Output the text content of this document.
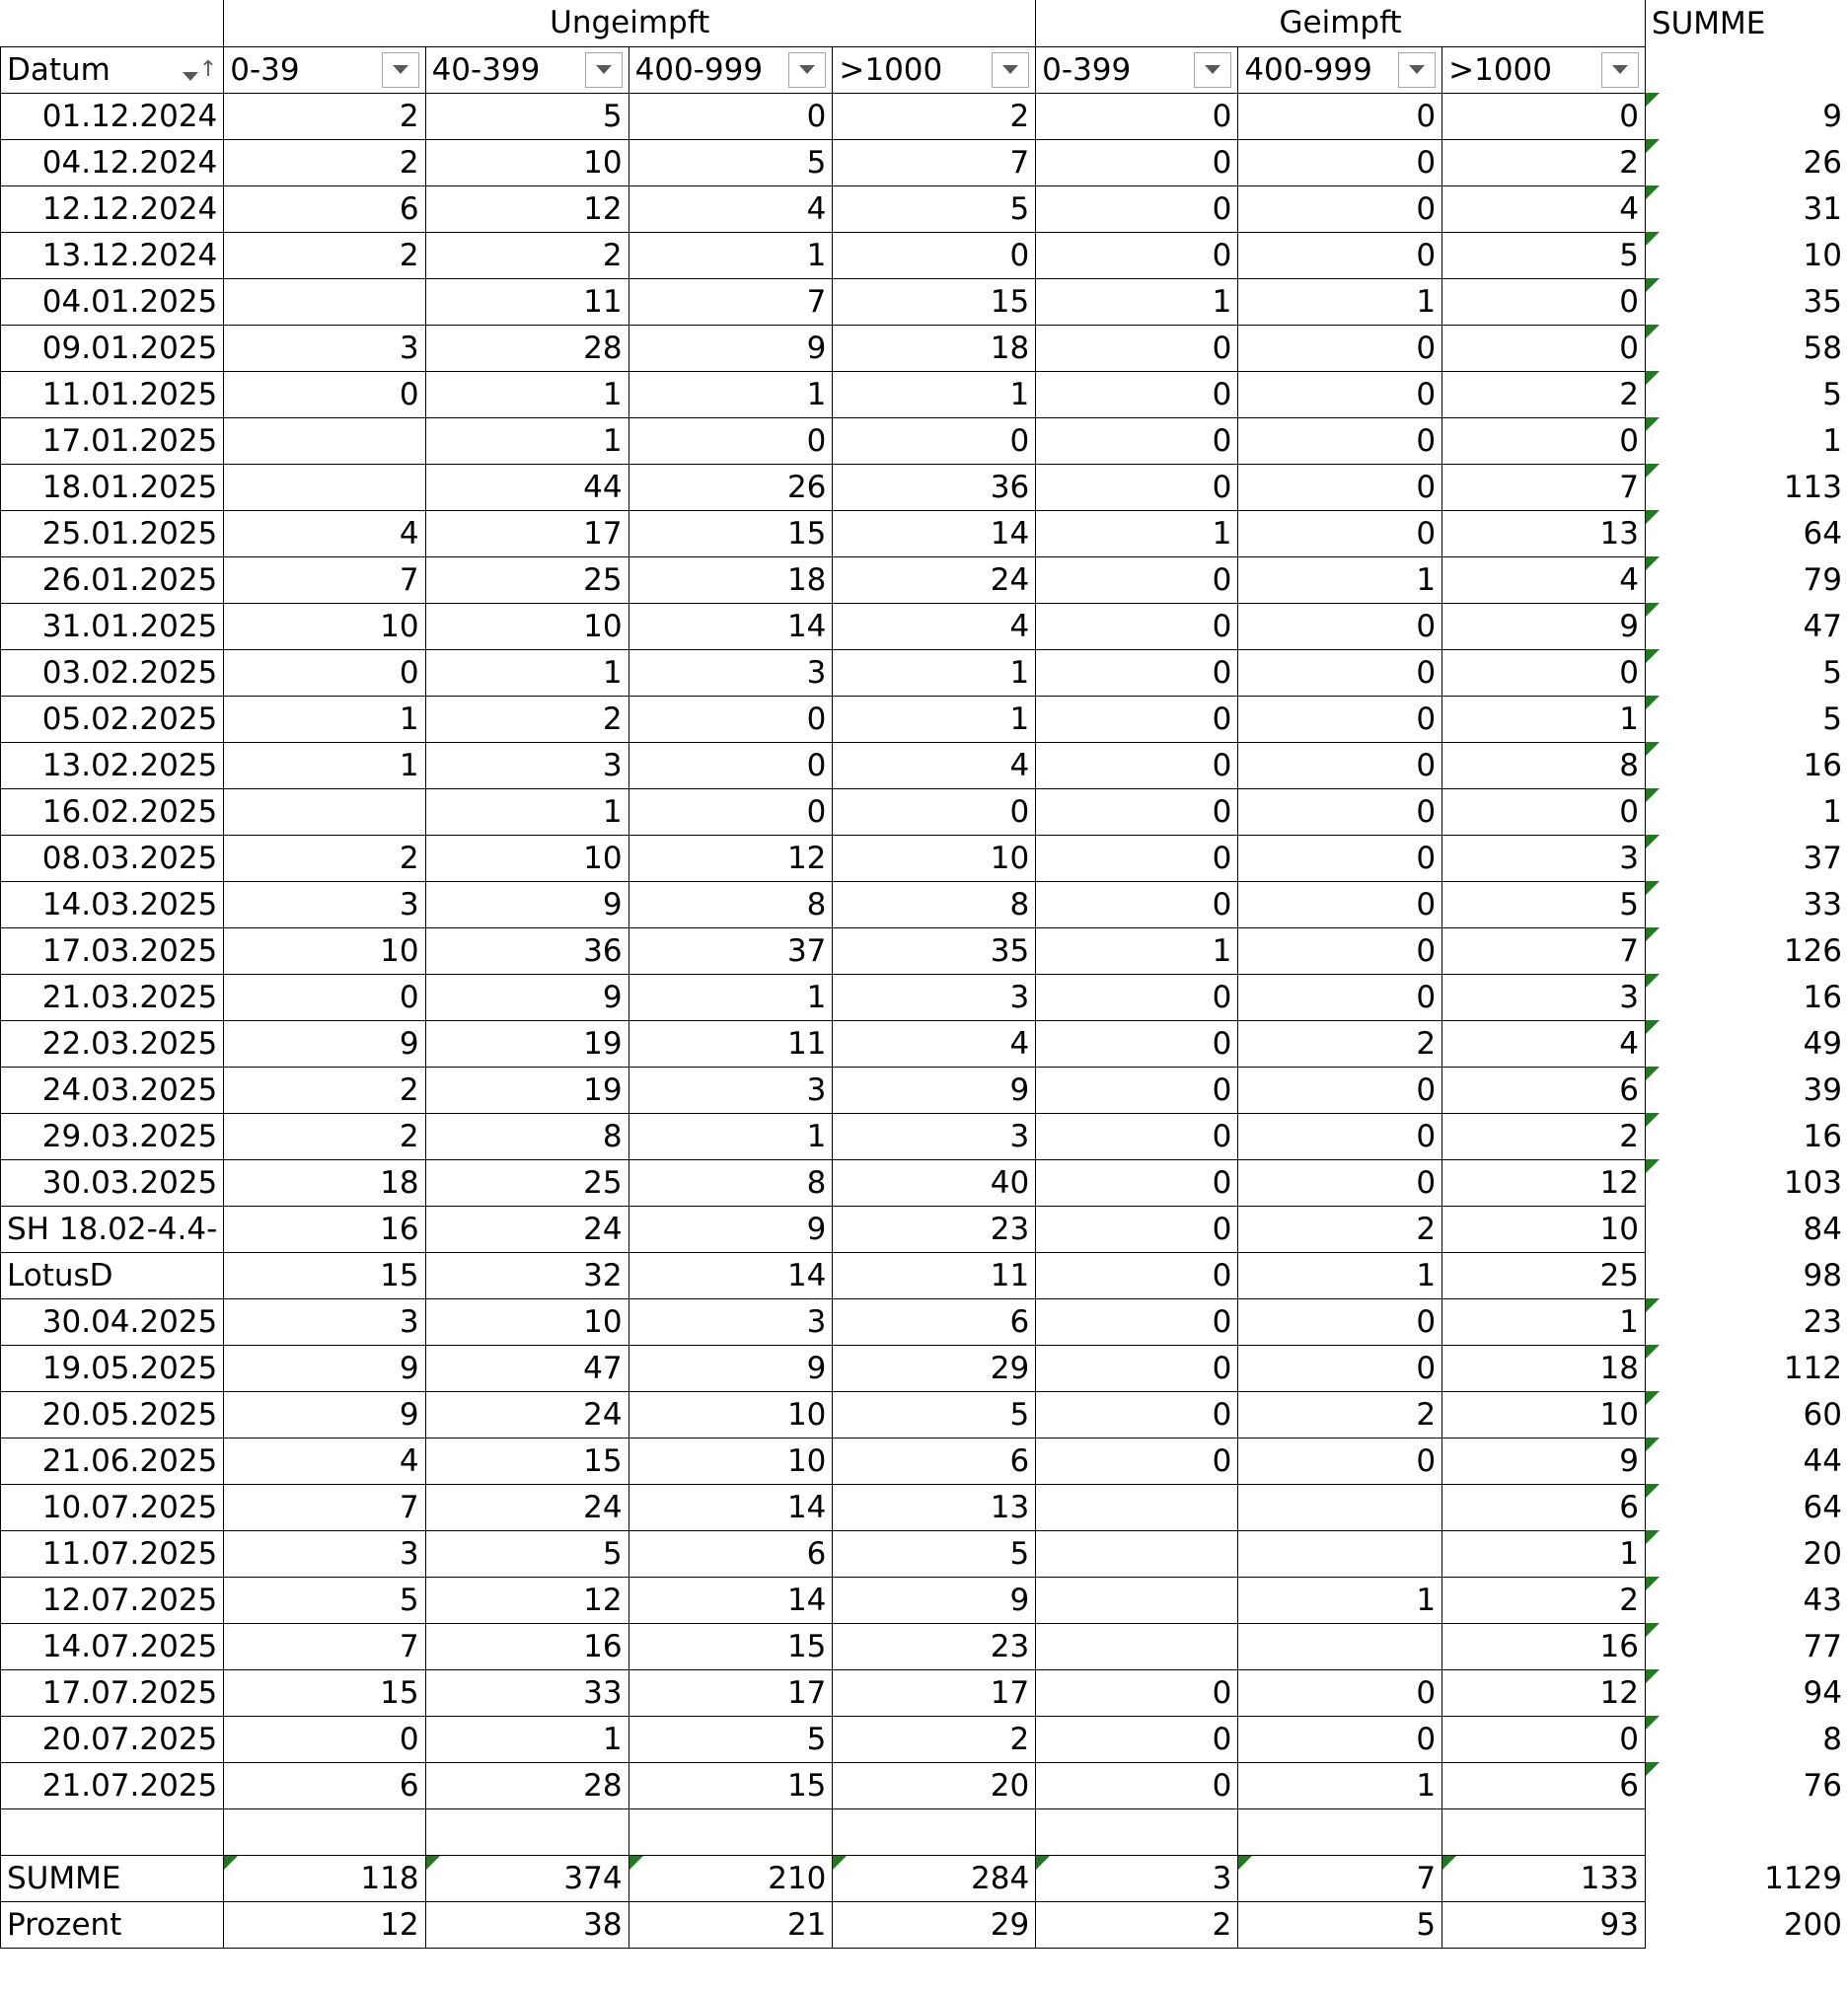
	Ungeimpft				Geimpft			SUMME

Datum ↑	0-39	40-399	400-999	>1000	0-399	400-999	>1000	

01.12.2024	2	5	0	2	0	0	0	9
04.12.2024	2	10	5	7	0	0	2	26
12.12.2024	6	12	4	5	0	0	4	31
13.12.2024	2	2	1	0	0	0	5	10
04.01.2025		11	7	15	1	1	0	35
09.01.2025	3	28	9	18	0	0	0	58
11.01.2025	0	1	1	1	0	0	2	5
17.01.2025		1	0	0	0	0	0	1
18.01.2025		44	26	36	0	0	7	113
25.01.2025	4	17	15	14	1	0	13	64
26.01.2025	7	25	18	24	0	1	4	79
31.01.2025	10	10	14	4	0	0	9	47
03.02.2025	0	1	3	1	0	0	0	5
05.02.2025	1	2	0	1	0	0	1	5
13.02.2025	1	3	0	4	0	0	8	16
16.02.2025		1	0	0	0	0	0	1
08.03.2025	2	10	12	10	0	0	3	37
14.03.2025	3	9	8	8	0	0	5	33
17.03.2025	10	36	37	35	1	0	7	126
21.03.2025	0	9	1	3	0	0	3	16
22.03.2025	9	19	11	4	0	2	4	49
24.03.2025	2	19	3	9	0	0	6	39
29.03.2025	2	8	1	3	0	0	2	16
30.03.2025	18	25	8	40	0	0	12	103
SH 18.02-4.4-	16	24	9	23	0	2	10	84
LotusD	15	32	14	11	0	1	25	98
30.04.2025	3	10	3	6	0	0	1	23
19.05.2025	9	47	9	29	0	0	18	112
20.05.2025	9	24	10	5	0	2	10	60
21.06.2025	4	15	10	6	0	0	9	44
10.07.2025	7	24	14	13			6	64
11.07.2025	3	5	6	5			1	20
12.07.2025	5	12	14	9		1	2	43
14.07.2025	7	16	15	23			16	77
17.07.2025	15	33	17	17	0	0	12	94
20.07.2025	0	1	5	2	0	0	0	8
21.07.2025	6	28	15	20	0	1	6	76

SUMME	118	374	210	284	3	7	133	1129
Prozent	12	38	21	29	2	5	93	200
